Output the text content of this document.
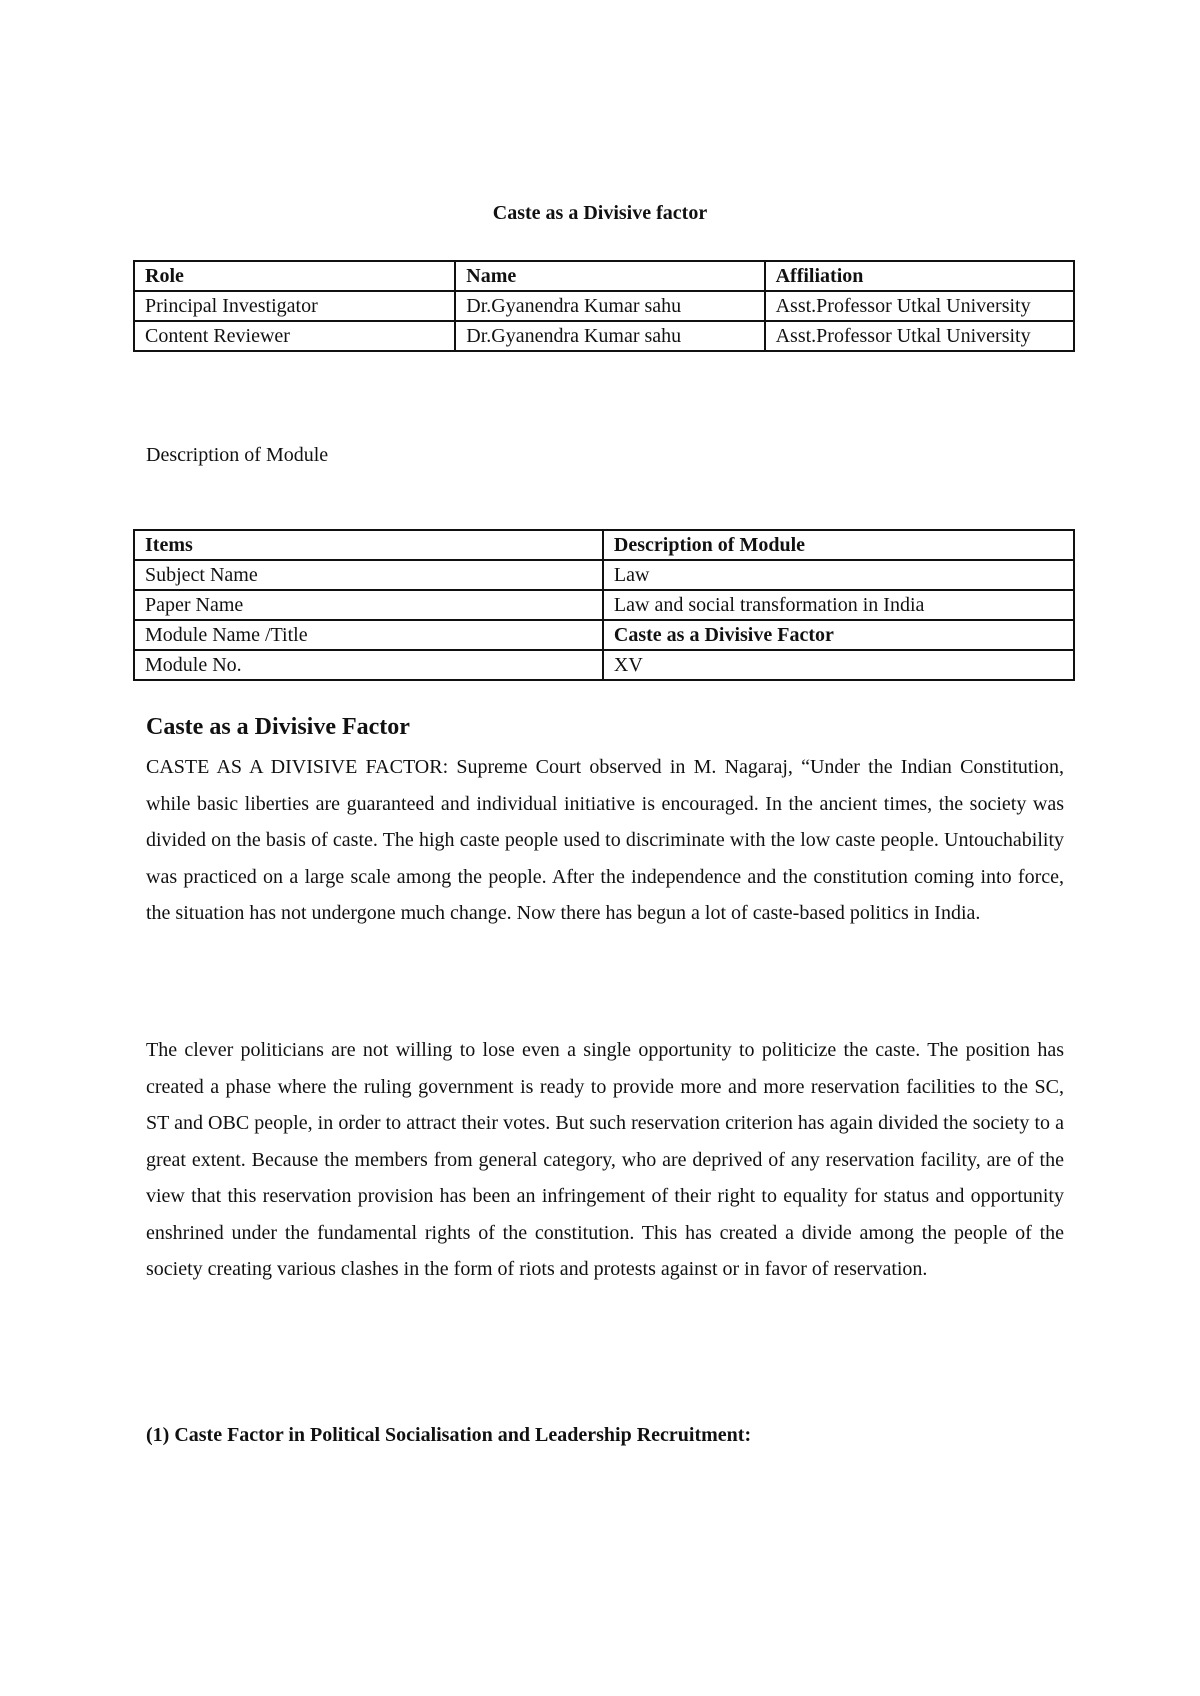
Caste as a Divisive factor
Role	Name	Affiliation
Principal Investigator	Dr.Gyanendra Kumar sahu	Asst.Professor Utkal University
Content Reviewer	Dr.Gyanendra Kumar sahu	Asst.Professor Utkal University
Description of Module
Items	Description of Module
Subject Name	Law
Paper Name	Law and social transformation in India
Module Name /Title	Caste as a Divisive Factor
Module No.	XV
Caste as a Divisive Factor

CASTE AS A DIVISIVE FACTOR: Supreme Court observed in M. Nagaraj, “Under the Indian Constitution, while basic liberties are guaranteed and individual initiative is encouraged. In the ancient times, the society was divided on the basis of caste. The high caste people used to discriminate with the low caste people. Untouchability was practiced on a large scale among the people. After the independence and the constitution coming into force, the situation has not undergone much change. Now there has begun a lot of caste-based politics in India.

The clever politicians are not willing to lose even a single opportunity to politicize the caste. The position has created a phase where the ruling government is ready to provide more and more reservation facilities to the SC, ST and OBC people, in order to attract their votes. But such reservation criterion has again divided the society to a great extent. Because the members from general category, who are deprived of any reservation facility, are of the view that this reservation provision has been an infringement of their right to equality for status and opportunity enshrined under the fundamental rights of the constitution. This has created a divide among the people of the society creating various clashes in the form of riots and protests against or in favor of reservation.

(1) Caste Factor in Political Socialisation and Leadership Recruitment:
